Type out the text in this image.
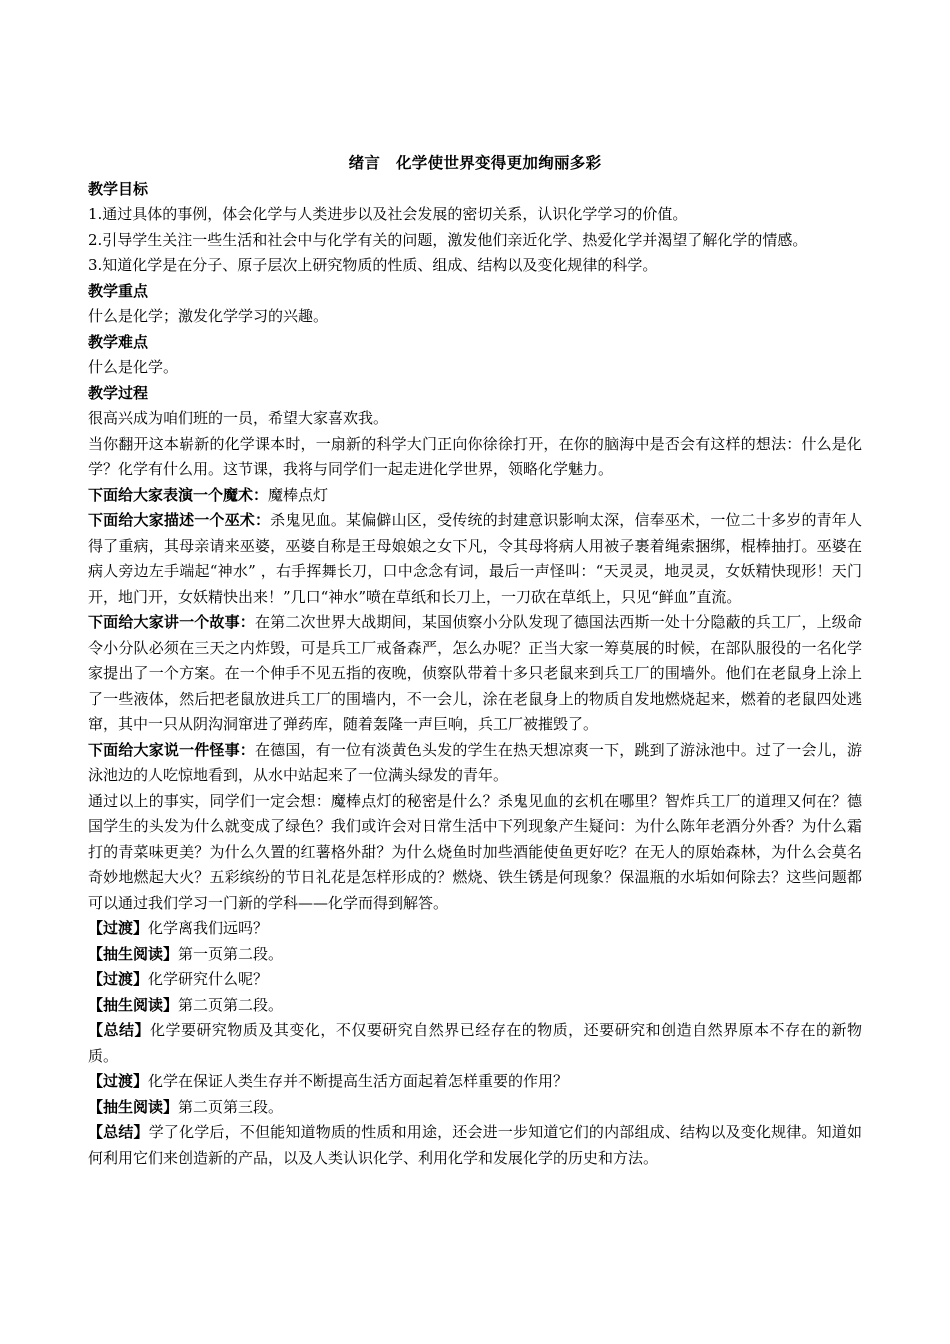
绪言　化学使世界变得更加绚丽多彩

教学目标

1.通过具体的事例，体会化学与人类进步以及社会发展的密切关系，认识化学学习的价值。

2.引导学生关注一些生活和社会中与化学有关的问题，激发他们亲近化学、热爱化学并渴望了解化学的情感。

3.知道化学是在分子、原子层次上研究物质的性质、组成、结构以及变化规律的科学。

教学重点

什么是化学；激发化学学习的兴趣。

教学难点

什么是化学。

教学过程

很高兴成为咱们班的一员，希望大家喜欢我。

当你翻开这本崭新的化学课本时，一扇新的科学大门正向你徐徐打开，在你的脑海中是否会有这样的想法：什么是化学？化学有什么用。这节课，我将与同学们一起走进化学世界，领略化学魅力。

下面给大家表演一个魔术：魔棒点灯

下面给大家描述一个巫术：杀鬼见血。某偏僻山区，受传统的封建意识影响太深，信奉巫术，一位二十多岁的青年人得了重病，其母亲请来巫婆，巫婆自称是王母娘娘之女下凡，令其母将病人用被子裹着绳索捆绑，棍棒抽打。巫婆在病人旁边左手端起“神水” ，右手挥舞长刀，口中念念有词，最后一声怪叫：“天灵灵，地灵灵，女妖精快现形！天门开，地门开，女妖精快出来！”几口“神水”喷在草纸和长刀上，一刀砍在草纸上，只见“鲜血”直流。

下面给大家讲一个故事：在第二次世界大战期间，某国侦察小分队发现了德国法西斯一处十分隐蔽的兵工厂，上级命令小分队必须在三天之内炸毁，可是兵工厂戒备森严，怎么办呢？正当大家一筹莫展的时候，在部队服役的一名化学家提出了一个方案。在一个伸手不见五指的夜晚，侦察队带着十多只老鼠来到兵工厂的围墙外。他们在老鼠身上涂上了一些液体，然后把老鼠放进兵工厂的围墙内，不一会儿，涂在老鼠身上的物质自发地燃烧起来，燃着的老鼠四处逃窜，其中一只从阴沟洞窜进了弹药库，随着轰隆一声巨响，兵工厂被摧毁了。

下面给大家说一件怪事：在德国，有一位有淡黄色头发的学生在热天想凉爽一下，跳到了游泳池中。过了一会儿，游泳池边的人吃惊地看到，从水中站起来了一位满头绿发的青年。

通过以上的事实，同学们一定会想：魔棒点灯的秘密是什么？杀鬼见血的玄机在哪里？智炸兵工厂的道理又何在？德国学生的头发为什么就变成了绿色？我们或许会对日常生活中下列现象产生疑问：为什么陈年老酒分外香？为什么霜打的青菜味更美？为什么久置的红薯格外甜？为什么烧鱼时加些酒能使鱼更好吃？在无人的原始森林，为什么会莫名奇妙地燃起大火？五彩缤纷的节日礼花是怎样形成的？燃烧、铁生锈是何现象？保温瓶的水垢如何除去？这些问题都可以通过我们学习一门新的学科——化学而得到解答。

【过渡】化学离我们远吗？

【抽生阅读】第一页第二段。

【过渡】化学研究什么呢？

【抽生阅读】第二页第二段。

【总结】化学要研究物质及其变化，不仅要研究自然界已经存在的物质，还要研究和创造自然界原本不存在的新物质。

【过渡】化学在保证人类生存并不断提高生活方面起着怎样重要的作用？

【抽生阅读】第二页第三段。

【总结】学了化学后，不但能知道物质的性质和用途，还会进一步知道它们的内部组成、结构以及变化规律。知道如何利用它们来创造新的产品，以及人类认识化学、利用化学和发展化学的历史和方法。
